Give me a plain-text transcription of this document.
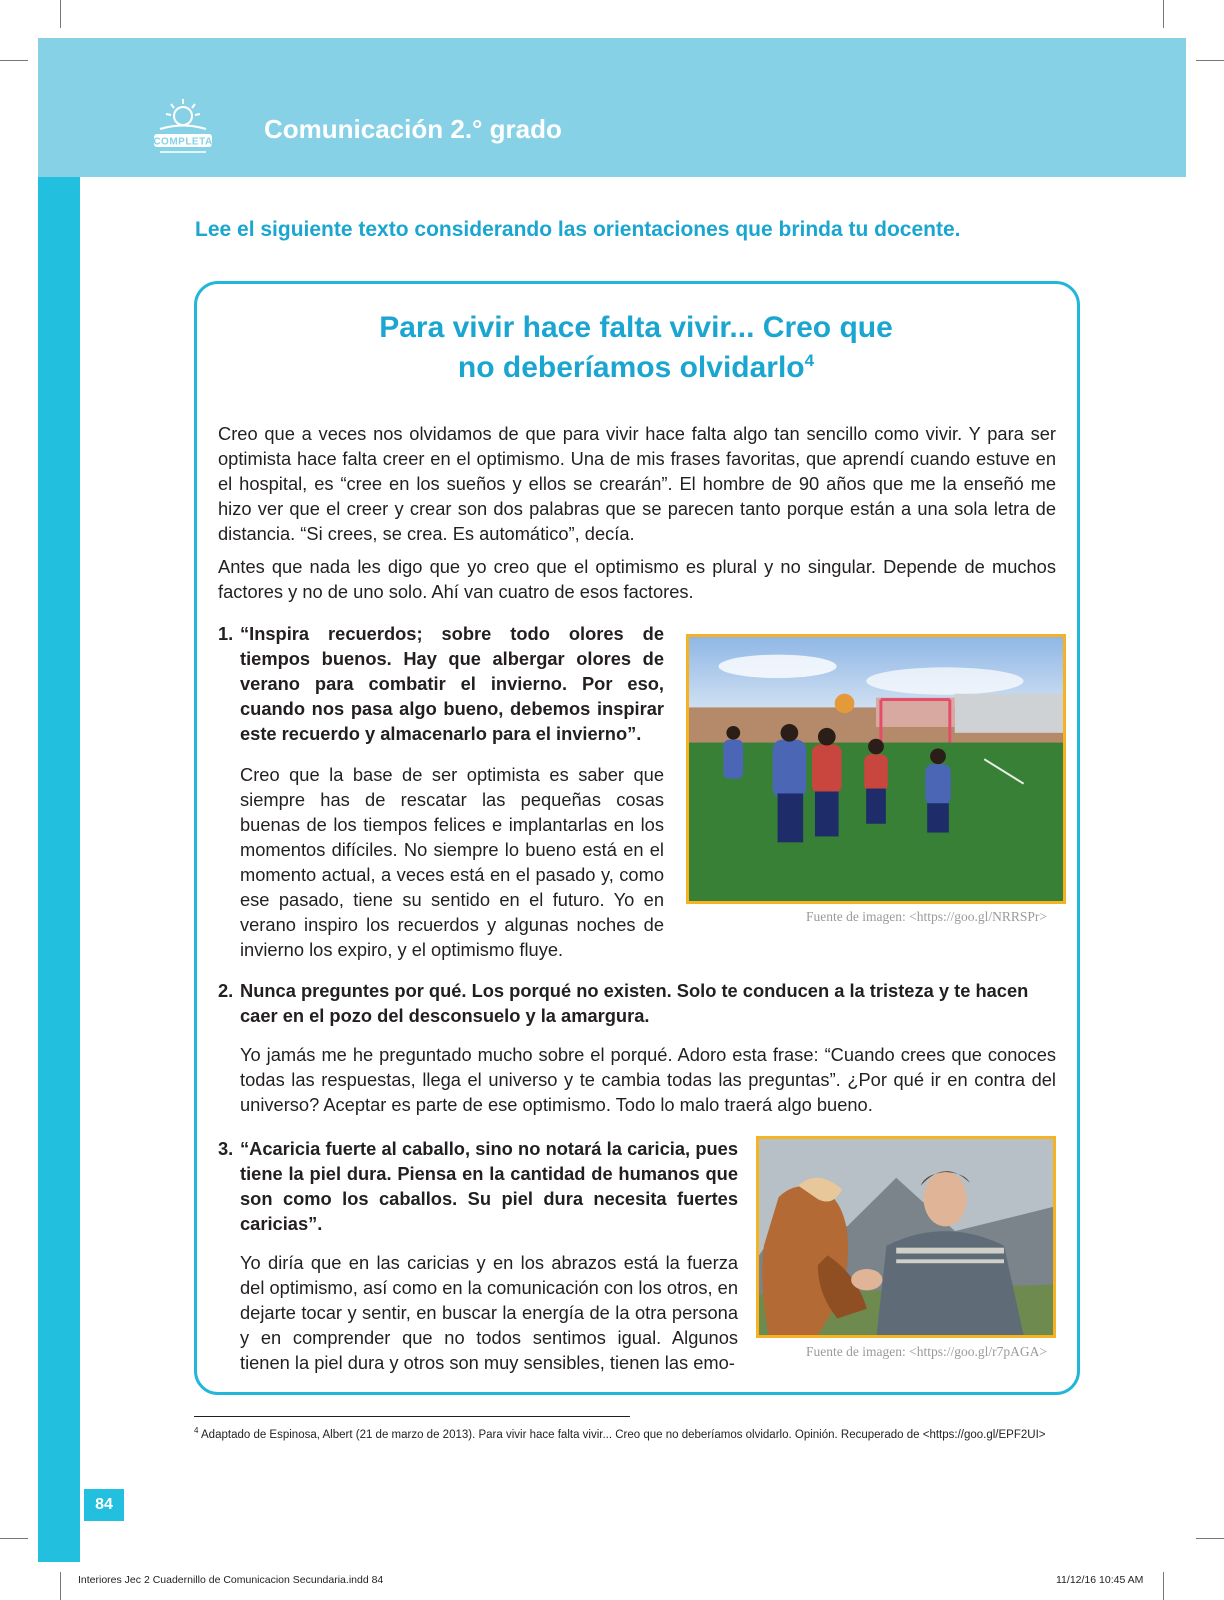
COMPLETA Comunicación 2.° grado
Lee el siguiente texto considerando las orientaciones que brinda tu docente.
Para vivir hace falta vivir... Creo que
no deberíamos olvidarlo$^4$

Creo que a veces nos olvidamos de que para vivir hace falta algo tan sencillo como vivir. Y para ser optimista hace falta creer en el optimismo. Una de mis frases favoritas, que aprendí cuando estuve en el hospital, es “cree en los sueños y ellos se crearán”. El hombre de 90 años que me la enseñó me hizo ver que el creer y crear son dos palabras que se parecen tanto porque están a una sola letra de distancia. “Si crees, se crea. Es automático”, decía.

Antes que nada les digo que yo creo que el optimismo es plural y no singular. Depende de muchos factores y no de uno solo. Ahí van cuatro de esos factores.

1. “Inspira recuerdos; sobre todo olores de tiempos buenos. Hay que albergar olores de verano para combatir el invierno. Por eso, cuando nos pasa algo bueno, debemos inspirar este recuerdo y almacenarlo para el invierno”.

Creo que la base de ser optimista es saber que siempre has de rescatar las pequeñas cosas buenas de los tiempos felices e implantarlas en los momentos difíciles. No siempre lo bueno está en el momento actual, a veces está en el pasado y, como ese pasado, tiene su sentido en el futuro. Yo en verano inspiro los recuerdos y algunas noches de invierno los expiro, y el optimismo fluye.

Fuente de imagen: <https://goo.gl/NRRSPr>
2. Nunca preguntes por qué. Los porqué no existen. Solo te conducen a la tristeza y te hacen caer en el pozo del desconsuelo y la amargura.

Yo jamás me he preguntado mucho sobre el porqué. Adoro esta frase: “Cuando crees que conoces todas las respuestas, llega el universo y te cambia todas las preguntas”. ¿Por qué ir en contra del universo? Aceptar es parte de ese optimismo. Todo lo malo traerá algo bueno.

3. “Acaricia fuerte al caballo, sino no notará la caricia, pues tiene la piel dura. Piensa en la cantidad de humanos que son como los caballos. Su piel dura necesita fuertes caricias”.

Yo diría que en las caricias y en los abrazos está la fuerza del optimismo, así como en la comunicación con los otros, en dejarte tocar y sentir, en buscar la energía de la otra persona y en comprender que no todos sentimos igual. Algunos tienen la piel dura y otros son muy sensibles, tienen las emo-

Fuente de imagen: <https://goo.gl/r7pAGA>
$^4$ Adaptado de Espinosa, Albert (21 de marzo de 2013). Para vivir hace falta vivir... Creo que no deberíamos olvidarlo. Opinión. Recuperado de <https://goo.gl/EPF2UI>
84
Interiores Jec 2 Cuadernillo de Comunicacion Secundaria.indd 84	11/12/16 10:45 AM
